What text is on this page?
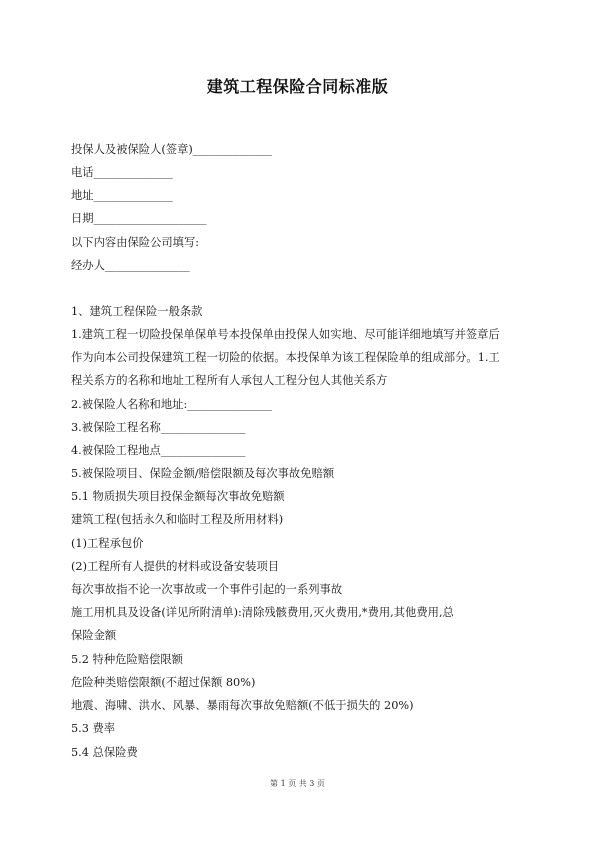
建筑工程保险合同标准版
投保人及被保险人(签章)______________
电话______________
地址______________
日期____________________
以下内容由保险公司填写:
经办人_______________
1、建筑工程保险一般条款
1.建筑工程一切险投保单保单号本投保单由投保人如实地、尽可能详细地填写并签章后
作为向本公司投保建筑工程一切险的依据。本投保单为该工程保险单的组成部分。1.工
程关系方的名称和地址工程所有人承包人工程分包人其他关系方
2.被保险人名称和地址:_______________
3.被保险工程名称_______________
4.被保险工程地点_______________
5.被保险项目、保险金额/赔偿限额及每次事故免赔额
5.1 物质损失项目投保金额每次事故免赔额
建筑工程(包括永久和临时工程及所用材料)
(1)工程承包价
(2)工程所有人提供的材料或设备安装项目
每次事故指不论一次事故或一个事件引起的一系列事故
施工用机具及设备(详见所附清单):清除残骸费用,灭火费用,*费用,其他费用,总
保险金额
5.2 特种危险赔偿限额
危险种类赔偿限额(不超过保额 80%)
地震、海啸、洪水、风暴、暴雨每次事故免赔额(不低于损失的 20%)
5.3 费率
5.4 总保险费
第 1 页 共 3 页
